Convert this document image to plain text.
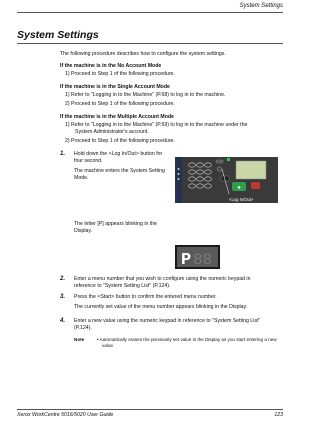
System Settings
System Settings
The following procedure describes how to configure the system settings.
If the machine is in the No Account Mode
1) Proceed to Step 1 of the following procedure.
If the machine is in the Single Account Mode
1) Refer to "Logging in to the Machine" (P.68) to log in to the machine.
2) Proceed to Step 1 of the following procedure.
If the machine is in the Multiple Account Mode
1) Refer to "Logging in to the Machine" (P.69) to log in to the machine under the
System Administrator's account.
2) Proceed to Step 1 of the following procedure.
1. Hold down the <Log In/Out> button for
four second.
The machine enters the System Setting
Mode.
◆
<Log In/Out>
button
The letter [P] appears blinking in the
Display.
P 88
2. Enter a menu number that you wish to configure using the numeric keypad in
reference to "System Setting List" (P.124).
3. Press the <Start> button to confirm the entered menu number.
The currently set value of the menu number appears blinking in the Display.
4. Enter a new value using the numeric keypad in reference to "System Setting List"
(P.124).
Note	• Automatically erases the previously set value in the Display as you start entering a new
value.
Xerox WorkCentre 5016/5020 User Guide	123
